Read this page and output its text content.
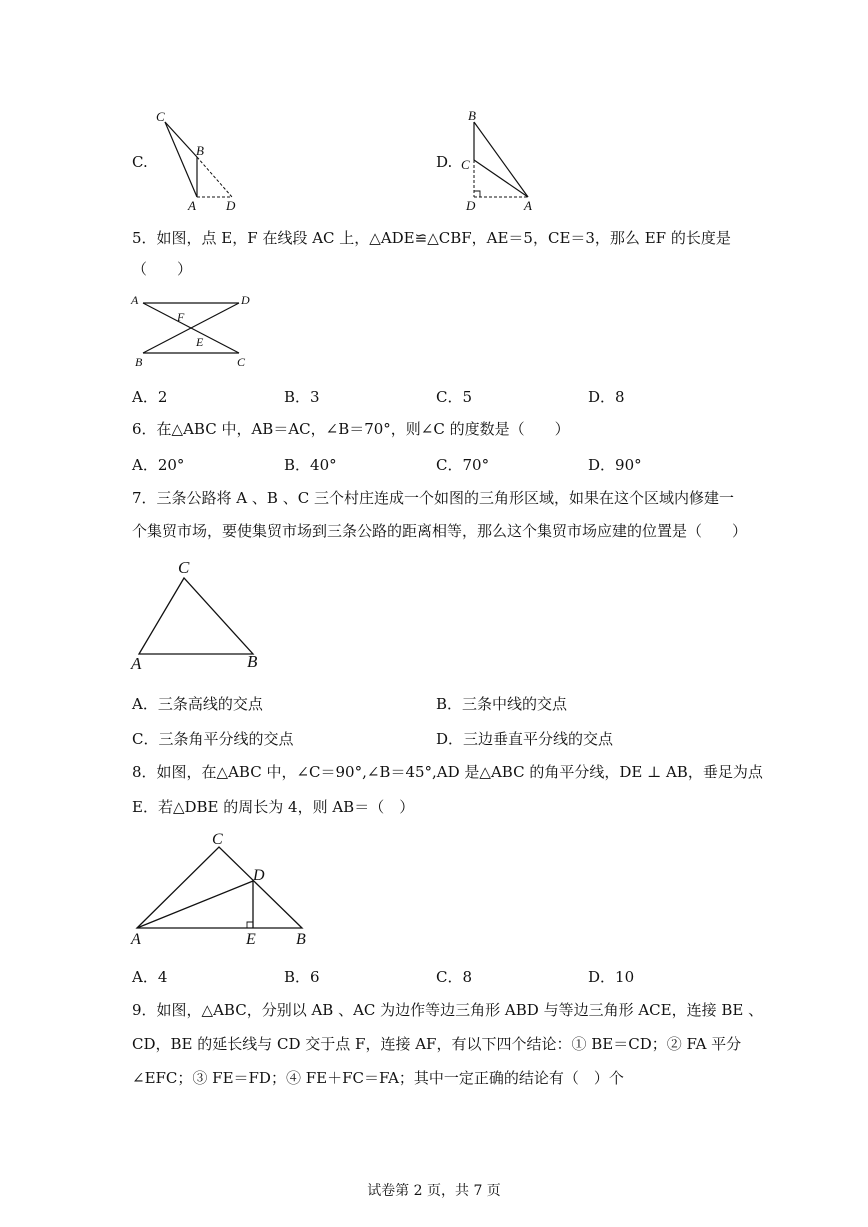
C.
C
B
A D
D.
B
C
D	A
5．如图，点 E，F 在线段 AC 上，△ADE≌△CBF，AE＝5，CE＝3，那么 EF 的长度是
（　　）
A	D
F
E
B	C
A．2	B．3	C．5	D．8
6．在△ABC 中，AB＝AC，∠B＝70°，则∠C 的度数是（　　）
A．20°	B．40°	C．70°	D．90°
7．三条公路将 A 、B 、C 三个村庄连成一个如图的三角形区域，如果在这个区域内修建一
个集贸市场，要使集贸市场到三条公路的距离相等，那么这个集贸市场应建的位置是（　　）
C
A	B
A．三条高线的交点	B．三条中线的交点
C．三条角平分线的交点	D．三边垂直平分线的交点
8．如图，在△ABC 中，∠C＝90°,∠B＝45°,AD 是△ABC 的角平分线，DE ⊥ AB，垂足为点
E．若△DBE 的周长为 4，则 AB＝（　）
C
D
A	E	B
A．4	B．6	C．8	D．10
9．如图，△ABC，分别以 AB 、AC 为边作等边三角形 ABD 与等边三角形 ACE，连接 BE 、
CD，BE 的延长线与 CD 交于点 F，连接 AF，有以下四个结论：① BE＝CD；② FA 平分
∠EFC；③ FE＝FD；④ FE＋FC＝FA；其中一定正确的结论有（　）个
试卷第 2 页，共 7 页
